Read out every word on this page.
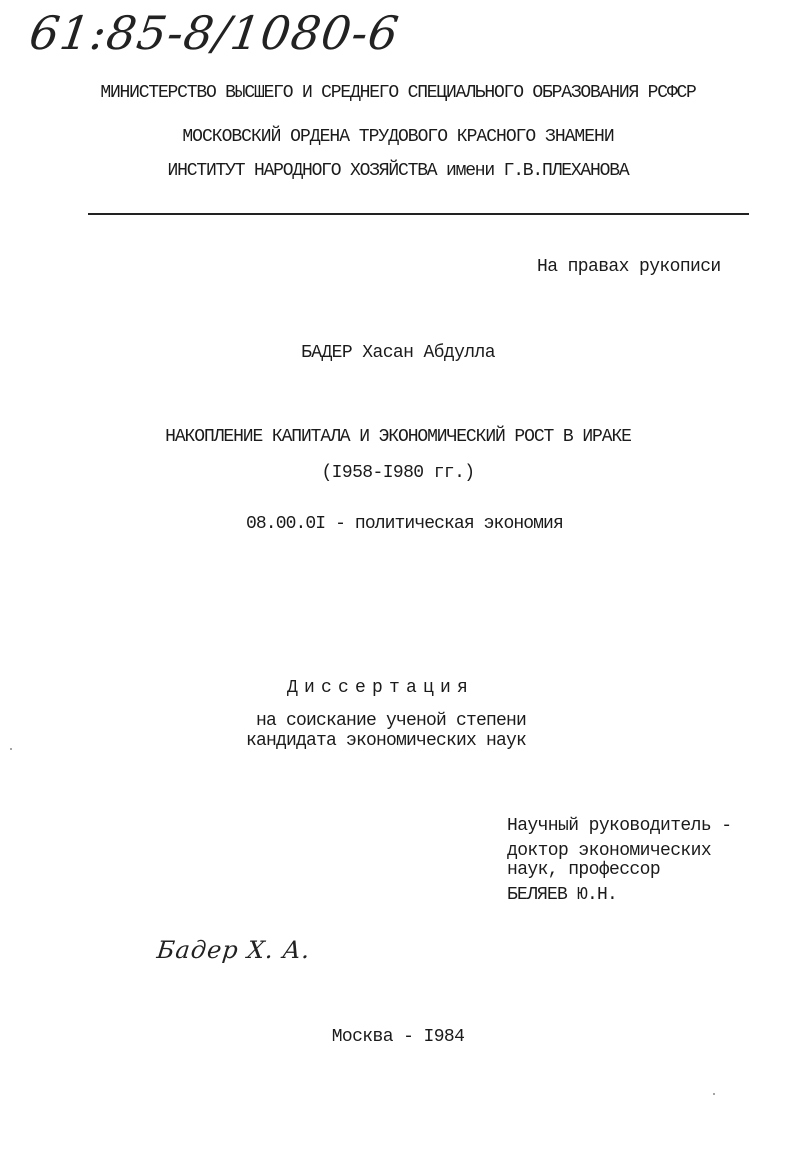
61:85-8/1080-6
МИНИСТЕРСТВО ВЫСШЕГО И СРЕДНЕГО СПЕЦИАЛЬНОГО ОБРАЗОВАНИЯ РСФСР
МОСКОВСКИЙ ОРДЕНА ТРУДОВОГО КРАСНОГО ЗНАМЕНИ
ИНСТИТУТ НАРОДНОГО ХОЗЯЙСТВА имени Г.В.ПЛЕХАНОВА
На правах рукописи
БАДЕР Хасан Абдулла
НАКОПЛЕНИЕ КАПИТАЛА И ЭКОНОМИЧЕСКИЙ РОСТ В ИРАКЕ
(I958-I980 гг.)
08.00.0I - политическая экономия
Диссертация
на соискание ученой степени
кандидата экономических наук
Научный руководитель -
доктор экономических
наук, профессор
БЕЛЯЕВ Ю.Н.
Бадер Х. А.
Москва - I984
